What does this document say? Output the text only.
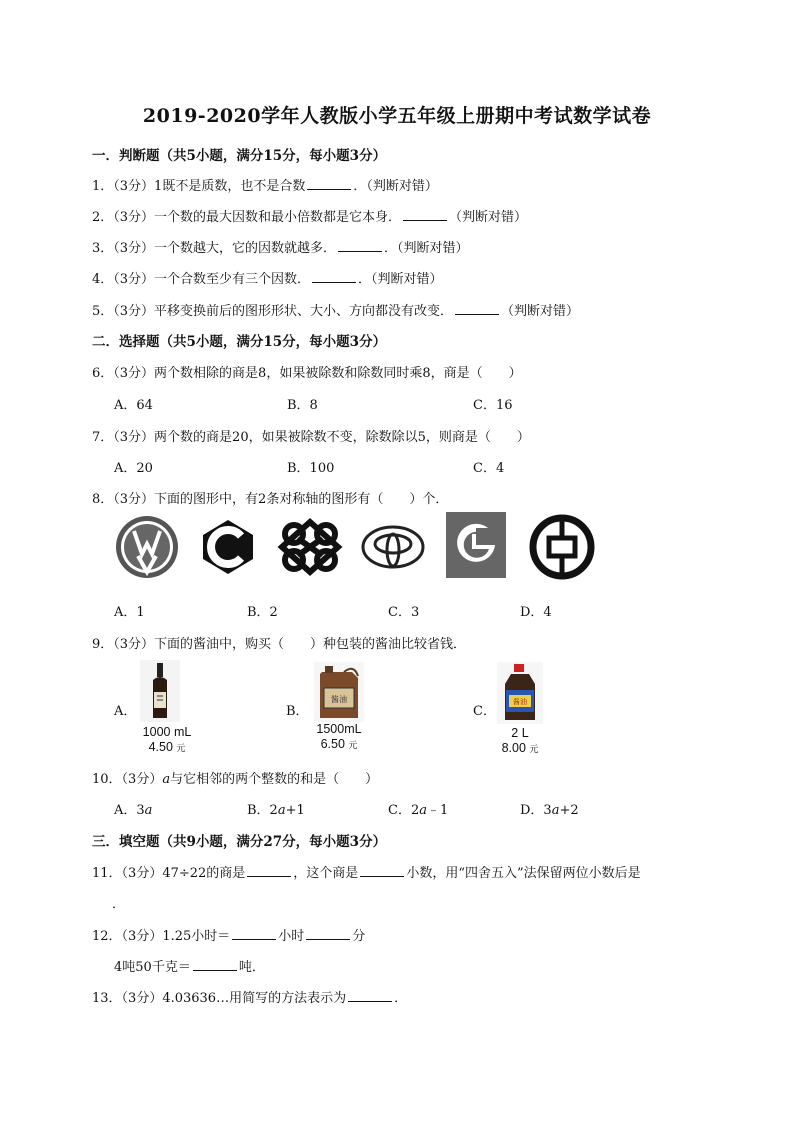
2019-2020学年人教版小学五年级上册期中考试数学试卷
一．判断题（共5小题，满分15分，每小题3分）
1．（3分）1既不是质数，也不是合数	．（判断对错）
2．（3分）一个数的最大因数和最小倍数都是它本身．	（判断对错）
3．（3分）一个数越大，它的因数就越多．	．（判断对错）
4．（3分）一个合数至少有三个因数．	．（判断对错）
5．（3分）平移变换前后的图形形状、大小、方向都没有改变．	（判断对错）
二．选择题（共5小题，满分15分，每小题3分）
6．（3分）两个数相除的商是8，如果被除数和除数同时乘8，商是（　　）
A．64	B．8	C．16
7．（3分）两个数的商是20，如果被除数不变，除数除以5，则商是（　　）
A．20	B．100	C．4
8．（3分）下面的图形中，有2条对称轴的图形有（　　）个．
A．1	B．2	C．3	D．4
9．（3分）下面的酱油中，购买（　　）种包装的酱油比较省钱．
A．
1000 mL
4.50 元
B．
酱油
1500mL
6.50 元
C．
酱油
2 L
8.00 元
10．（3分）a与它相邻的两个整数的和是（　　）
A．3a	B．2a+1	C．2a﹣1	D．3a+2
三．填空题（共9小题，满分27分，每小题3分）
11．（3分）47÷22的商是	，这个商是	小数，用“四舍五入”法保留两位小数后是
．
12．（3分）1.25小时＝	小时	分
4吨50千克＝	吨．
13．（3分）4.03636…用简写的方法表示为	．
